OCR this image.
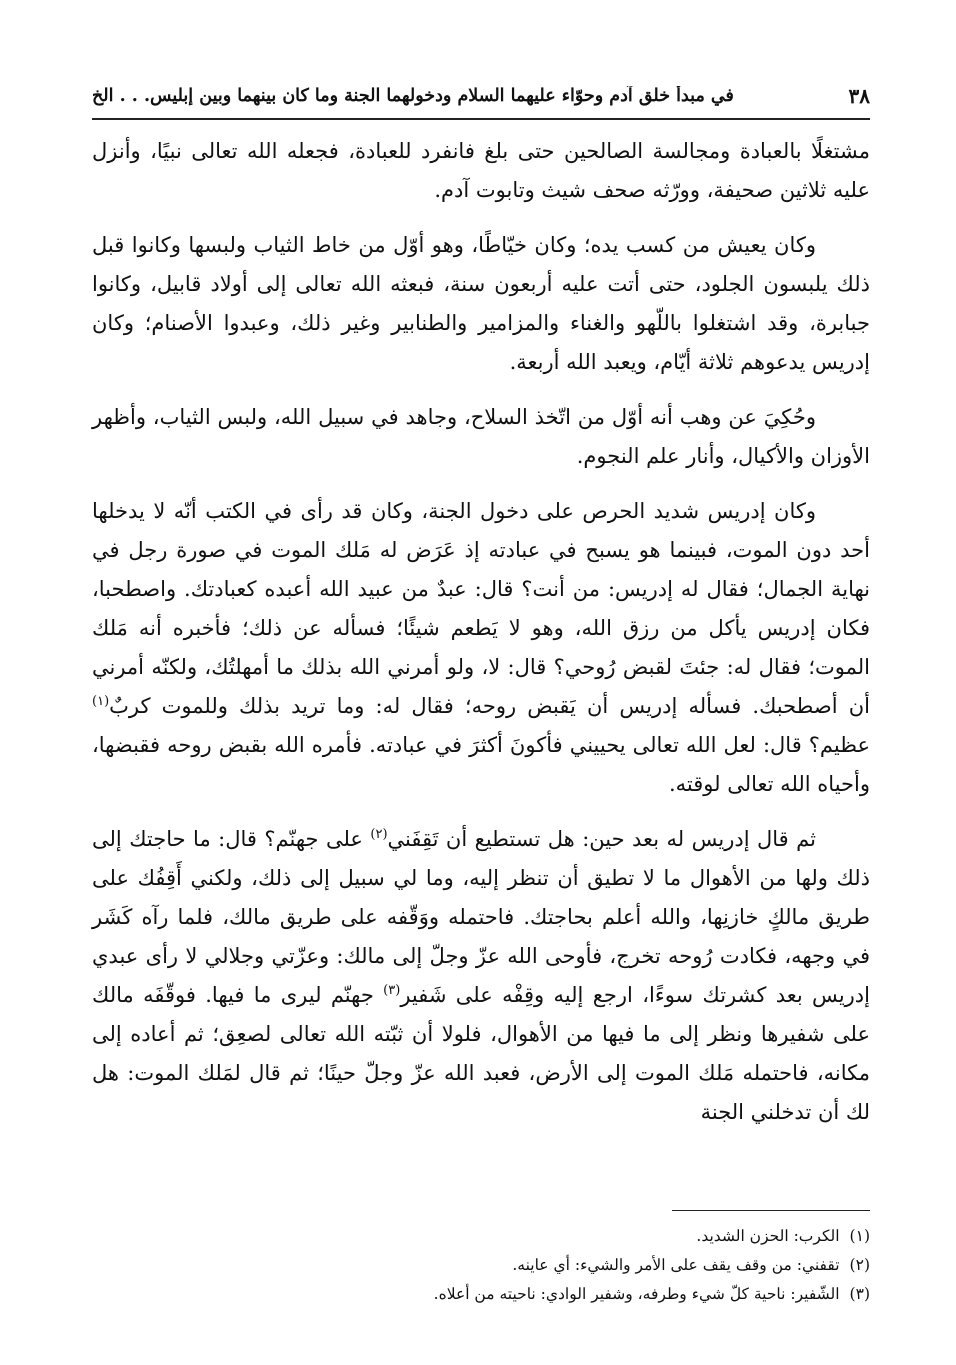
٣٨
في مبدأ خلق آدم وحوّاء عليهما السلام ودخولهما الجنة وما كان بينهما وبين إبليس. . . الخ

مشتغلًا بالعبادة ومجالسة الصالحين حتى بلغ فانفرد للعبادة، فجعله الله تعالى نبيًا، وأنزل عليه ثلاثين صحيفة، وورّثه صحف شيث وتابوت آدم.

وكان يعيش من كسب يده؛ وكان خيّاطًا، وهو أوّل من خاط الثياب ولبسها وكانوا قبل ذلك يلبسون الجلود، حتى أتت عليه أربعون سنة، فبعثه الله تعالى إلى أولاد قابيل، وكانوا جبابرة، وقد اشتغلوا باللّهو والغناء والمزامير والطنابير وغير ذلك، وعبدوا الأصنام؛ وكان إدريس يدعوهم ثلاثة أيّام، ويعبد الله أربعة.

وحُكِيَ عن وهب أنه أوّل من اتّخذ السلاح، وجاهد في سبيل الله، ولبس الثياب، وأظهر الأوزان والأكيال، وأنار علم النجوم.

وكان إدريس شديد الحرص على دخول الجنة، وكان قد رأى في الكتب أنّه لا يدخلها أحد دون الموت، فبينما هو يسبح في عبادته إذ عَرَض له مَلك الموت في صورة رجل في نهاية الجمال؛ فقال له إدريس: من أنت؟ قال: عبدٌ من عبيد الله أعبده كعبادتك. واصطحبا، فكان إدريس يأكل من رزق الله، وهو لا يَطعم شيئًا؛ فسأله عن ذلك؛ فأخبره أنه مَلك الموت؛ فقال له: جئتَ لقبض رُوحي؟ قال: لا، ولو أمرني الله بذلك ما أمهلتُك، ولكنّه أمرني أن أصطحبك. فسأله إدريس أن يَقبض روحه؛ فقال له: وما تريد بذلك وللموت كربٌ$^{(١)}$ عظيم؟ قال: لعل الله تعالى يحييني فأكونَ أكثرَ في عبادته. فأمره الله بقبض روحه فقبضها، وأحياه الله تعالى لوقته.

ثم قال إدريس له بعد حين: هل تستطيع أن تَقِفَني$^{(٢)}$ على جهنّم؟ قال: ما حاجتك إلى ذلك ولها من الأهوال ما لا تطيق أن تنظر إليه، وما لي سبيل إلى ذلك، ولكني أَقِفُك على طريق مالكٍ خازنِها، والله أعلم بحاجتك. فاحتمله ووَقّفه على طريق مالك، فلما رآه كَشَر في وجهه، فكادت رُوحه تخرج، فأوحى الله عزّ وجلّ إلى مالك: وعزّتي وجلالي لا رأى عبدي إدريس بعد كشرتك سوءًا، ارجع إليه وقِفْه على شَفير$^{(٣)}$ جهنّم ليرى ما فيها. فوقّفَه مالك على شفيرها ونظر إلى ما فيها من الأهوال، فلولا أن ثبّته الله تعالى لصعِق؛ ثم أعاده إلى مكانه، فاحتمله مَلك الموت إلى الأرض، فعبد الله عزّ وجلّ حينًا؛ ثم قال لمَلك الموت: هل لك أن تدخلني الجنة

(١)الكرب: الحزن الشديد.

(٢)تقفني: من وقف يقف على الأمر والشيء: أي عاينه.

(٣)الشّفير: ناحية كلّ شيء وطرفه، وشفير الوادي: ناحيته من أعلاه.
